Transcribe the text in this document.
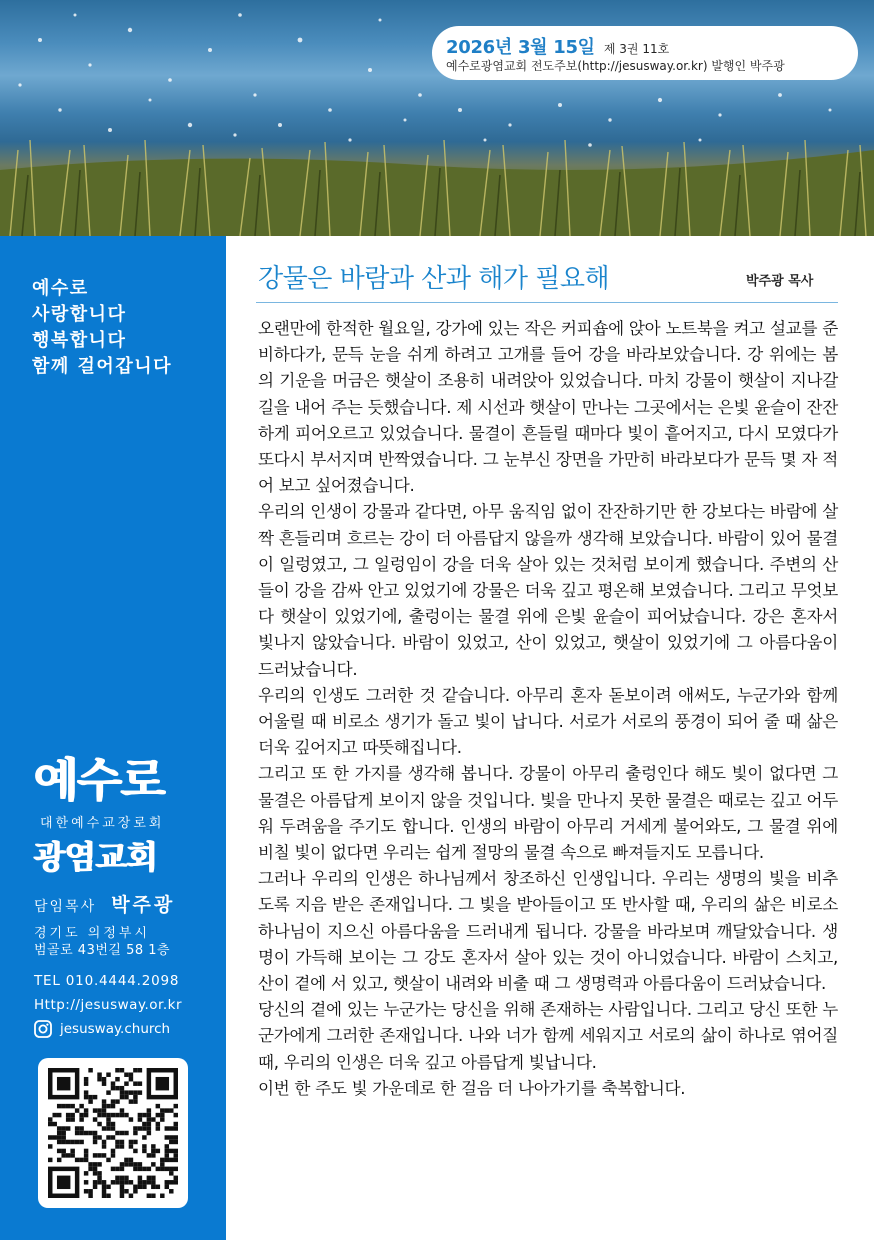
2026년 3월 15일 제 3권 11호
예수로광염교회 전도주보(http://jesusway.or.kr) 발행인 박주광
예수로
사랑합니다
행복합니다
함께 걸어갑니다
예수로
대한예수교장로회
광염교회
담임목사 박주광
경기도 의정부시
범골로 43번길 58 1층
TEL 010.4444.2098
Http://jesusway.or.kr
jesusway.church
강물은 바람과 산과 해가 필요해	박주광 목사

오랜만에 한적한 월요일, 강가에 있는 작은 커피숍에 앉아 노트북을 켜고 설교를 준비하다가, 문득 눈을 쉬게 하려고 고개를 들어 강을 바라보았습니다. 강 위에는 봄의 기운을 머금은 햇살이 조용히 내려앉아 있었습니다. 마치 강물이 햇살이 지나갈 길을 내어 주는 듯했습니다. 제 시선과 햇살이 만나는 그곳에서는 은빛 윤슬이 잔잔하게 피어오르고 있었습니다. 물결이 흔들릴 때마다 빛이 흩어지고, 다시 모였다가 또다시 부서지며 반짝였습니다. 그 눈부신 장면을 가만히 바라보다가 문득 몇 자 적어 보고 싶어졌습니다.

우리의 인생이 강물과 같다면, 아무 움직임 없이 잔잔하기만 한 강보다는 바람에 살짝 흔들리며 흐르는 강이 더 아름답지 않을까 생각해 보았습니다. 바람이 있어 물결이 일렁였고, 그 일렁임이 강을 더욱 살아 있는 것처럼 보이게 했습니다. 주변의 산들이 강을 감싸 안고 있었기에 강물은 더욱 깊고 평온해 보였습니다. 그리고 무엇보다 햇살이 있었기에, 출렁이는 물결 위에 은빛 윤슬이 피어났습니다. 강은 혼자서 빛나지 않았습니다. 바람이 있었고, 산이 있었고, 햇살이 있었기에 그 아름다움이 드러났습니다.

우리의 인생도 그러한 것 같습니다. 아무리 혼자 돋보이려 애써도, 누군가와 함께 어울릴 때 비로소 생기가 돌고 빛이 납니다. 서로가 서로의 풍경이 되어 줄 때 삶은 더욱 깊어지고 따뜻해집니다.

그리고 또 한 가지를 생각해 봅니다. 강물이 아무리 출렁인다 해도 빛이 없다면 그 물결은 아름답게 보이지 않을 것입니다. 빛을 만나지 못한 물결은 때로는 깊고 어두워 두려움을 주기도 합니다. 인생의 바람이 아무리 거세게 불어와도, 그 물결 위에 비칠 빛이 없다면 우리는 쉽게 절망의 물결 속으로 빠져들지도 모릅니다.

그러나 우리의 인생은 하나님께서 창조하신 인생입니다. 우리는 생명의 빛을 비추도록 지음 받은 존재입니다. 그 빛을 받아들이고 또 반사할 때, 우리의 삶은 비로소 하나님이 지으신 아름다움을 드러내게 됩니다. 강물을 바라보며 깨달았습니다. 생명이 가득해 보이는 그 강도 혼자서 살아 있는 것이 아니었습니다. 바람이 스치고, 산이 곁에 서 있고, 햇살이 내려와 비출 때 그 생명력과 아름다움이 드러났습니다.

당신의 곁에 있는 누군가는 당신을 위해 존재하는 사람입니다. 그리고 당신 또한 누군가에게 그러한 존재입니다. 나와 너가 함께 세워지고 서로의 삶이 하나로 엮어질 때, 우리의 인생은 더욱 깊고 아름답게 빛납니다.

이번 한 주도 빛 가운데로 한 걸음 더 나아가기를 축복합니다.
